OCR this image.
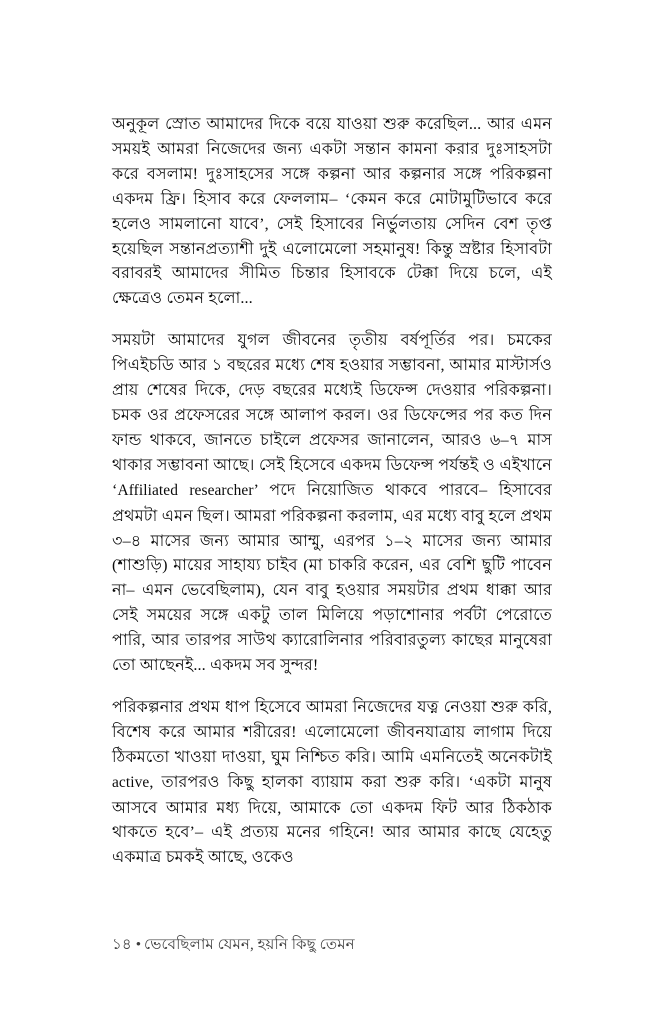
অনুকূল স্রোত আমাদের দিকে বয়ে যাওয়া শুরু করেছিল... আর এমন সময়ই আমরা নিজেদের জন্য একটা সন্তান কামনা করার দুঃসাহসটা করে বসলাম! দুঃসাহসের সঙ্গে কল্পনা আর কল্পনার সঙ্গে পরিকল্পনা একদম ফ্রি। হিসাব করে ফেললাম– ‘কেমন করে মোটামুটিভাবে করে হলেও সামলানো যাবে’, সেই হিসাবের নির্ভুলতায় সেদিন বেশ তৃপ্ত হয়েছিল সন্তানপ্রত্যাশী দুই এলোমেলো সহমানুষ! কিন্তু স্রষ্টার হিসাবটা বরাবরই আমাদের সীমিত চিন্তার হিসাবকে টেক্কা দিয়ে চলে, এই ক্ষেত্রেও তেমন হলো...

সময়টা আমাদের যুগল জীবনের তৃতীয় বর্ষপূর্তির পর। চমকের পিএইচডি আর ১ বছরের মধ্যে শেষ হওয়ার সম্ভাবনা, আমার মাস্টার্সও প্রায় শেষের দিকে, দেড় বছরের মধ্যেই ডিফেন্স দেওয়ার পরিকল্পনা। চমক ওর প্রফেসরের সঙ্গে আলাপ করল। ওর ডিফেন্সের পর কত দিন ফান্ড থাকবে, জানতে চাইলে প্রফেসর জানালেন, আরও ৬–৭ মাস থাকার সম্ভাবনা আছে। সেই হিসেবে একদম ডিফেন্স পর্যন্তই ও এইখানে ‘Affiliated researcher’ পদে নিয়োজিত থাকবে পারবে– হিসাবের প্রথমটা এমন ছিল। আমরা পরিকল্পনা করলাম, এর মধ্যে বাবু হলে প্রথম ৩–৪ মাসের জন্য আমার আম্মু, এরপর ১–২ মাসের জন্য আমার (শাশুড়ি) মায়ের সাহায্য চাইব (মা চাকরি করেন, এর বেশি ছুটি পাবেন না– এমন ভেবেছিলাম), যেন বাবু হওয়ার সময়টার প্রথম ধাক্কা আর সেই সময়ের সঙ্গে একটু তাল মিলিয়ে পড়াশোনার পর্বটা পেরোতে পারি, আর তারপর সাউথ ক্যারোলিনার পরিবারতুল্য কাছের মানুষেরা তো আছেনই... একদম সব সুন্দর!

পরিকল্পনার প্রথম ধাপ হিসেবে আমরা নিজেদের যত্ন নেওয়া শুরু করি, বিশেষ করে আমার শরীরের! এলোমেলো জীবনযাত্রায় লাগাম দিয়ে ঠিকমতো খাওয়া দাওয়া, ঘুম নিশ্চিত করি। আমি এমনিতেই অনেকটাই active, তারপরও কিছু হালকা ব্যায়াম করা শুরু করি। ‘একটা মানুষ আসবে আমার মধ্য দিয়ে, আমাকে তো একদম ফিট আর ঠিকঠাক থাকতে হবে’– এই প্রত্যয় মনের গহিনে! আর আমার কাছে যেহেতু একমাত্র চমকই আছে, ওকেও

১৪ • ভেবেছিলাম যেমন, হয়নি কিছু তেমন
